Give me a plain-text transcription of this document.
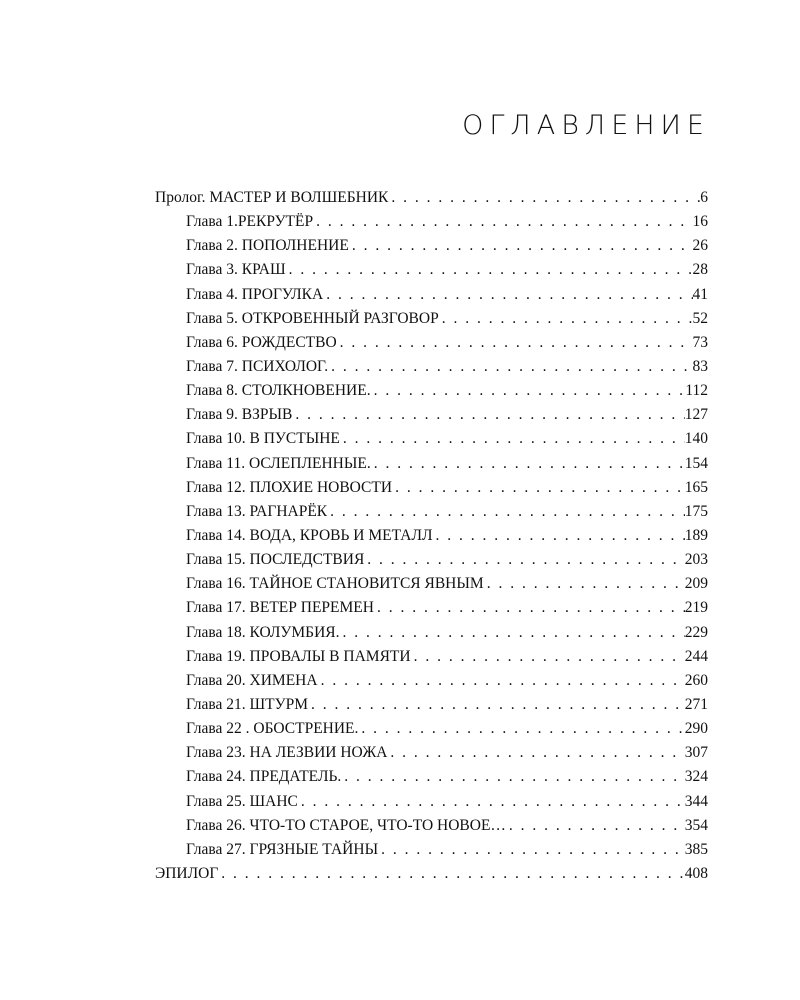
ОГЛАВЛЕНИЕ
Пролог. МАСТЕР И ВОЛШЕБНИК . . .	6
Глава 1.РЕКРУТЁР . . .	16
Глава 2. ПОПОЛНЕНИЕ . . .	26
Глава 3. КРАШ . . .	28
Глава 4. ПРОГУЛКА . . .	41
Глава 5. ОТКРОВЕННЫЙ РАЗГОВОР . . .	52
Глава 6. РОЖДЕСТВО . . .	73
Глава 7. ПСИХОЛОГ. . . .	83
Глава 8. СТОЛКНОВЕНИЕ. . . .	112
Глава 9. ВЗРЫВ . . .	127
Глава 10. В ПУСТЫНЕ . . .	140
Глава 11. ОСЛЕПЛЕННЫЕ. . . .	154
Глава 12. ПЛОХИЕ НОВОСТИ . . .	165
Глава 13. РАГНАРЁК . . .	175
Глава 14. ВОДА, КРОВЬ И МЕТАЛЛ . . .	189
Глава 15. ПОСЛЕДСТВИЯ . . .	203
Глава 16. ТАЙНОЕ СТАНОВИТСЯ ЯВНЫМ . . .	209
Глава 17. ВЕТЕР ПЕРЕМЕН . . .	219
Глава 18. КОЛУМБИЯ. . . .	229
Глава 19. ПРОВАЛЫ В ПАМЯТИ . . .	244
Глава 20. ХИМЕНА . . .	260
Глава 21. ШТУРМ . . .	271
Глава 22 . ОБОСТРЕНИЕ. . . .	290
Глава 23. НА ЛЕЗВИИ НОЖА . . .	307
Глава 24. ПРЕДАТЕЛЬ. . . .	324
Глава 25. ШАНС . . .	344
Глава 26. ЧТО-ТО СТАРОЕ, ЧТО-ТО НОВОЕ… . . .	354
Глава 27. ГРЯЗНЫЕ ТАЙНЫ . . .	385
ЭПИЛОГ . . .	408
